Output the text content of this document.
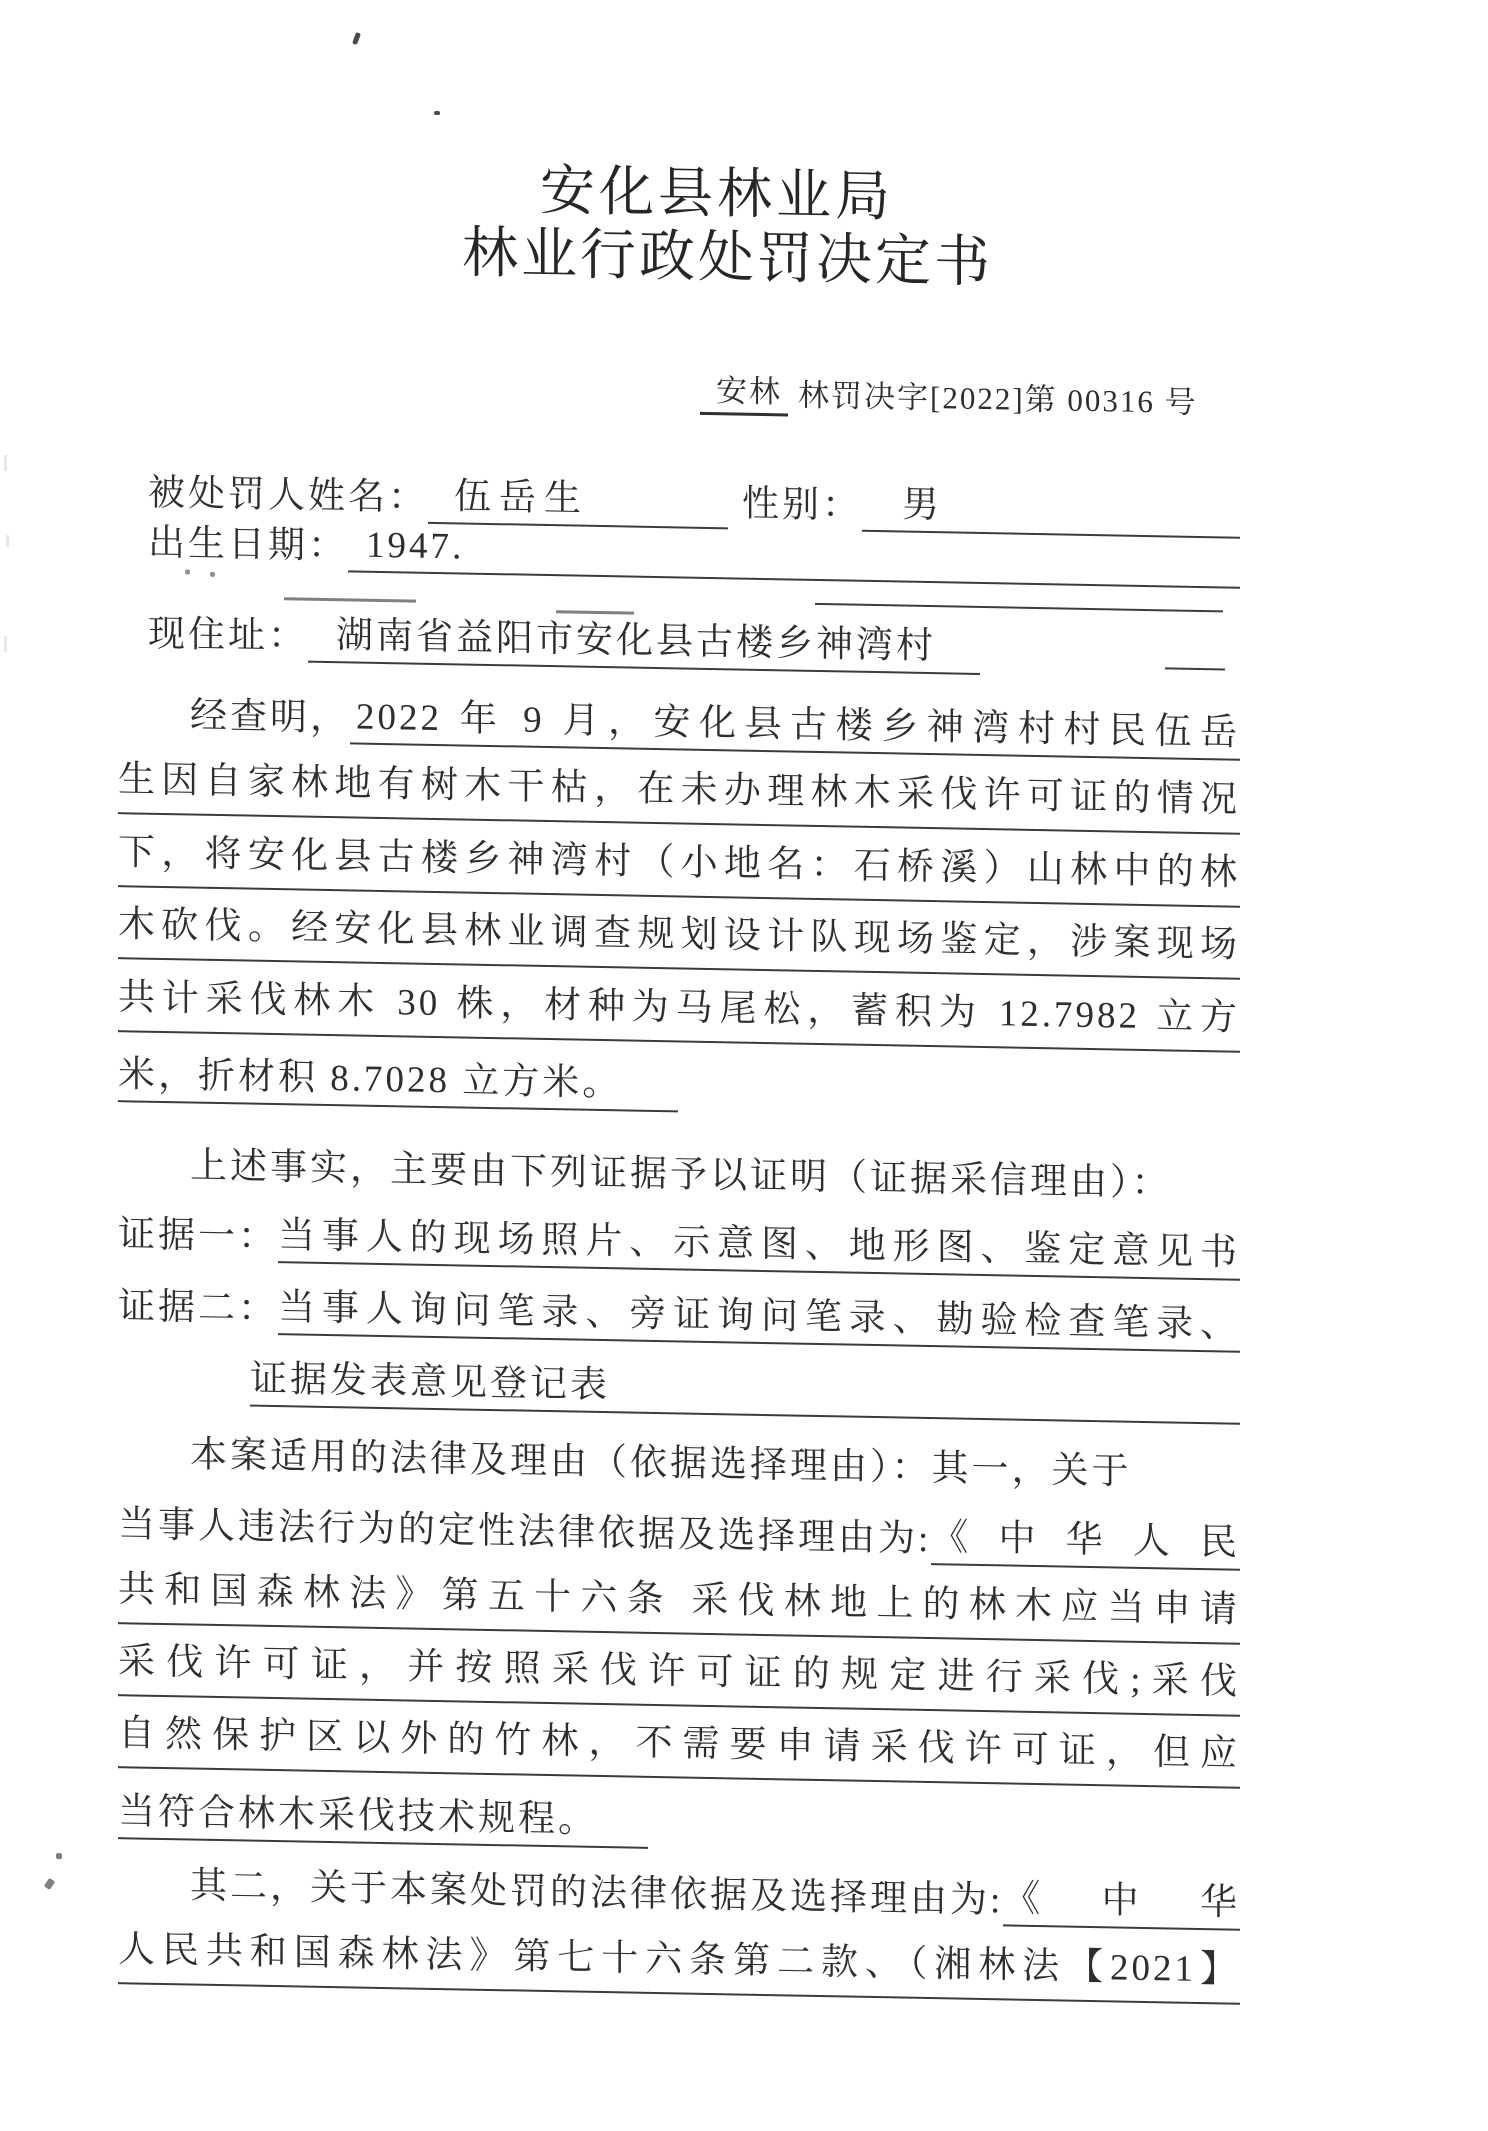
安化县林业局
林业行政处罚决定书
安林 林罚决字[2022]第 00316 号
被处罚人姓名： 伍岳生	性别：	男
出生日期： 1947.
现住址： 湖南省益阳市安化县古楼乡神湾村
经查明， 2022 年 9 月，安化县古楼乡神湾村村民伍岳
生因自家林地有树木干枯，在未办理林木采伐许可证的情况
下，将安化县古楼乡神湾村（小地名：石桥溪）山林中的林
木砍伐。经安化县林业调查规划设计队现场鉴定，涉案现场
共计采伐林木 30 株，材种为马尾松，蓄积为 12.7982 立方
米，折材积 8.7028 立方米。
上述事实，主要由下列证据予以证明（证据采信理由）：
证据一： 当事人的现场照片、示意图、地形图、鉴定意见书
证据二： 当事人询问笔录、旁证询问笔录、勘验检查笔录、
证据发表意见登记表
本案适用的法律及理由（依据选择理由）：其一，关于
当事人违法行为的定性法律依据及选择理由为: 《中华人民
共和国森林法》第五十六条 采伐林地上的林木应当申请
采伐许可证，并按照采伐许可证的规定进行采伐;采伐
自然保护区以外的竹林，不需要申请采伐许可证，但应
当符合林木采伐技术规程。
其二，关于本案处罚的法律依据及选择理由为: 《中华
人民共和国森林法》第七十六条第二款、（湘林法【2021】
